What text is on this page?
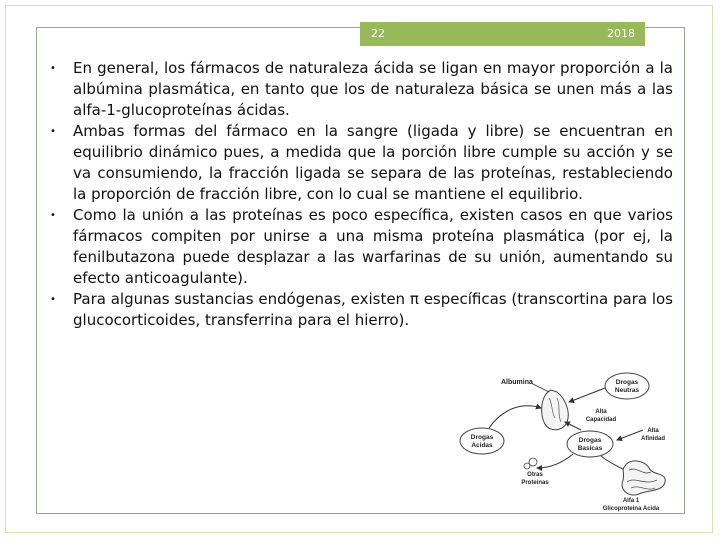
22	2018
• En general, los fármacos de naturaleza ácida se ligan en mayor proporción a la albúmina plasmática, en tanto que los de naturaleza básica se unen más a las alfa-1-glucoproteínas ácidas.
• Ambas formas del fármaco en la sangre (ligada y libre) se encuentran en equilibrio dinámico pues, a medida que la porción libre cumple su acción y se va consumiendo, la fracción ligada se separa de las proteínas, restableciendo la proporción de fracción libre, con lo cual se mantiene el equilibrio.
• Como la unión a las proteínas es poco específica, existen casos en que varios fármacos compiten por unirse a una misma proteína plasmática (por ej, la fenilbutazona puede desplazar a las warfarinas de su unión, aumentando su efecto anticoagulante).
• Para algunas sustancias endógenas, existen π específicas (transcortina para los glucocorticoides, transferrina para el hierro).
Albumina	Drogas
Neutras
Alta
Capacidad
Drogas
Acidas
Drogas
Basicas
Alta
Afinidad
Otras
Proteinas
Alfa 1
Glicoproteina Acida
